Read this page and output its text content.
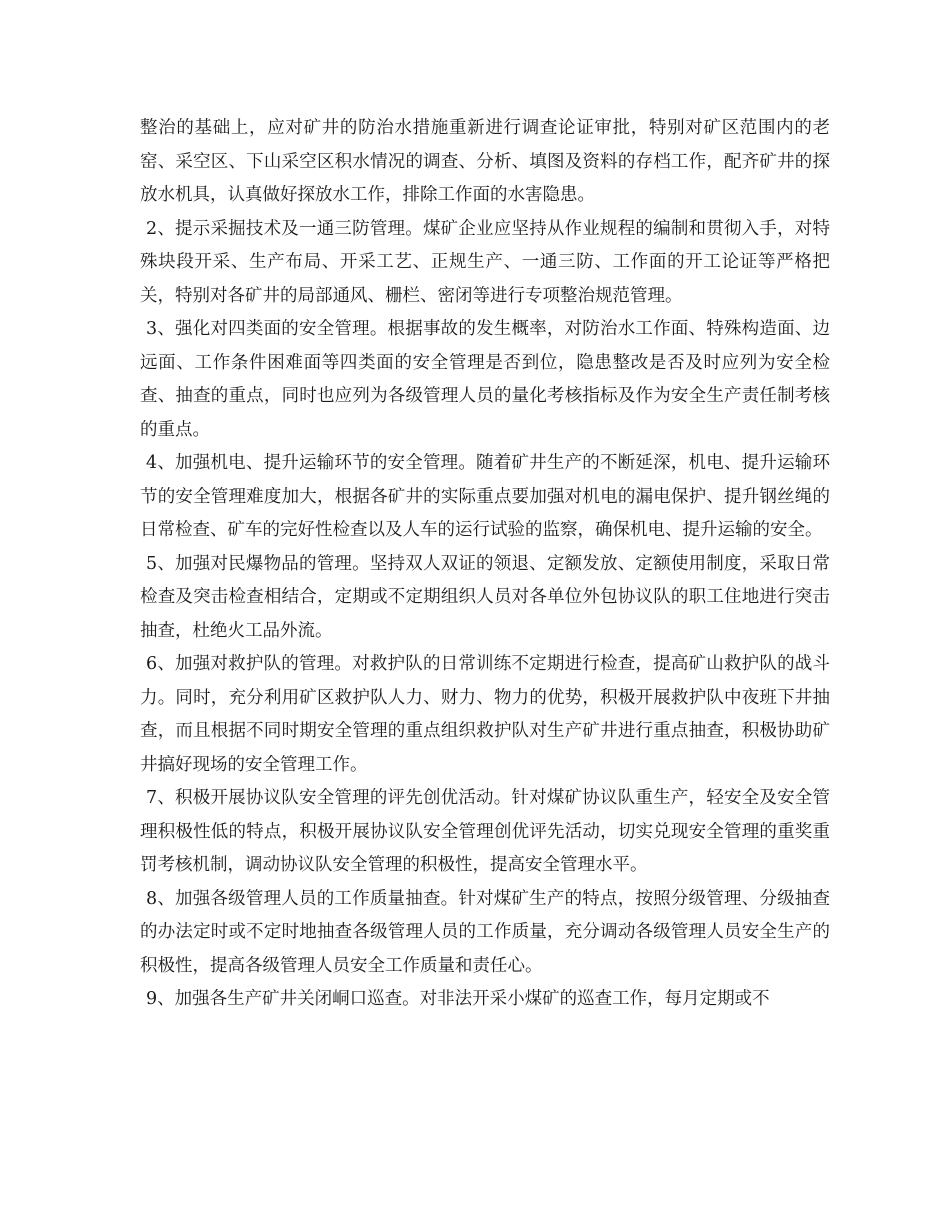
整治的基础上，应对矿井的防治水措施重新进行调查论证审批，特别对矿区范围内的老窑、采空区、下山采空区积水情况的调查、分析、填图及资料的存档工作，配齐矿井的探放水机具，认真做好探放水工作，排除工作面的水害隐患。

2、提示采掘技术及一通三防管理。煤矿企业应坚持从作业规程的编制和贯彻入手，对特殊块段开采、生产布局、开采工艺、正规生产、一通三防、工作面的开工论证等严格把关，特别对各矿井的局部通风、栅栏、密闭等进行专项整治规范管理。

3、强化对四类面的安全管理。根据事故的发生概率，对防治水工作面、特殊构造面、边远面、工作条件困难面等四类面的安全管理是否到位，隐患整改是否及时应列为安全检查、抽查的重点，同时也应列为各级管理人员的量化考核指标及作为安全生产责任制考核的重点。

4、加强机电、提升运输环节的安全管理。随着矿井生产的不断延深，机电、提升运输环节的安全管理难度加大，根据各矿井的实际重点要加强对机电的漏电保护、提升钢丝绳的日常检查、矿车的完好性检查以及人车的运行试验的监察，确保机电、提升运输的安全。

5、加强对民爆物品的管理。坚持双人双证的领退、定额发放、定额使用制度，采取日常检查及突击检查相结合，定期或不定期组织人员对各单位外包协议队的职工住地进行突击抽查，杜绝火工品外流。

6、加强对救护队的管理。对救护队的日常训练不定期进行检查，提高矿山救护队的战斗力。同时，充分利用矿区救护队人力、财力、物力的优势，积极开展救护队中夜班下井抽查，而且根据不同时期安全管理的重点组织救护队对生产矿井进行重点抽查，积极协助矿井搞好现场的安全管理工作。

7、积极开展协议队安全管理的评先创优活动。针对煤矿协议队重生产，轻安全及安全管理积极性低的特点，积极开展协议队安全管理创优评先活动，切实兑现安全管理的重奖重罚考核机制，调动协议队安全管理的积极性，提高安全管理水平。

8、加强各级管理人员的工作质量抽查。针对煤矿生产的特点，按照分级管理、分级抽查的办法定时或不定时地抽查各级管理人员的工作质量，充分调动各级管理人员安全生产的积极性，提高各级管理人员安全工作质量和责任心。

9、加强各生产矿井关闭峒口巡查。对非法开采小煤矿的巡查工作，每月定期或不
